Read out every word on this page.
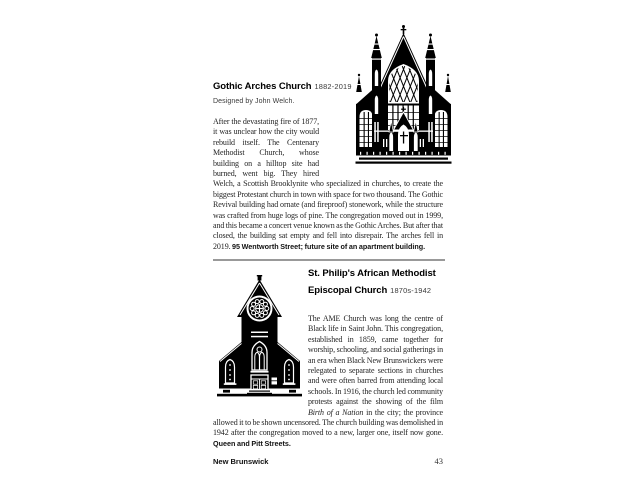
Gothic Arches Church 1882-2019
Designed by John Welch.

After the devastating fire of 1877, it was unclear how the city would rebuild itself. The Centenary Methodist Church, whose building on a hilltop site had burned, went big. They hired Welch, a Scottish Brooklynite who specialized in churches, to create the biggest Protestant church in town with space for two thousand. The Gothic Revival building had ornate (and fireproof) stonework, while the structure was crafted from huge logs of pine. The congregation moved out in 1999, and this became a concert venue known as the Gothic Arches. But after that closed, the building sat empty and fell into disrepair. The arches fell in 2019. 95 Wentworth Street; future site of an apartment building.

St. Philip's African Methodist
Episcopal Church 1870s-1942

The AME Church was long the centre of Black life in Saint John. This congregation, established in 1859, came together for worship, schooling, and social gatherings in an era when Black New Brunswickers were relegated to separate sections in churches and were often barred from attending local schools. In 1916, the church led community protests against the showing of the film Birth of a Nation in the city; the province allowed it to be shown uncensored. The church building was demolished in 1942 after the congregation moved to a new, larger one, itself now gone. Queen and Pitt Streets.

New Brunswick	43
